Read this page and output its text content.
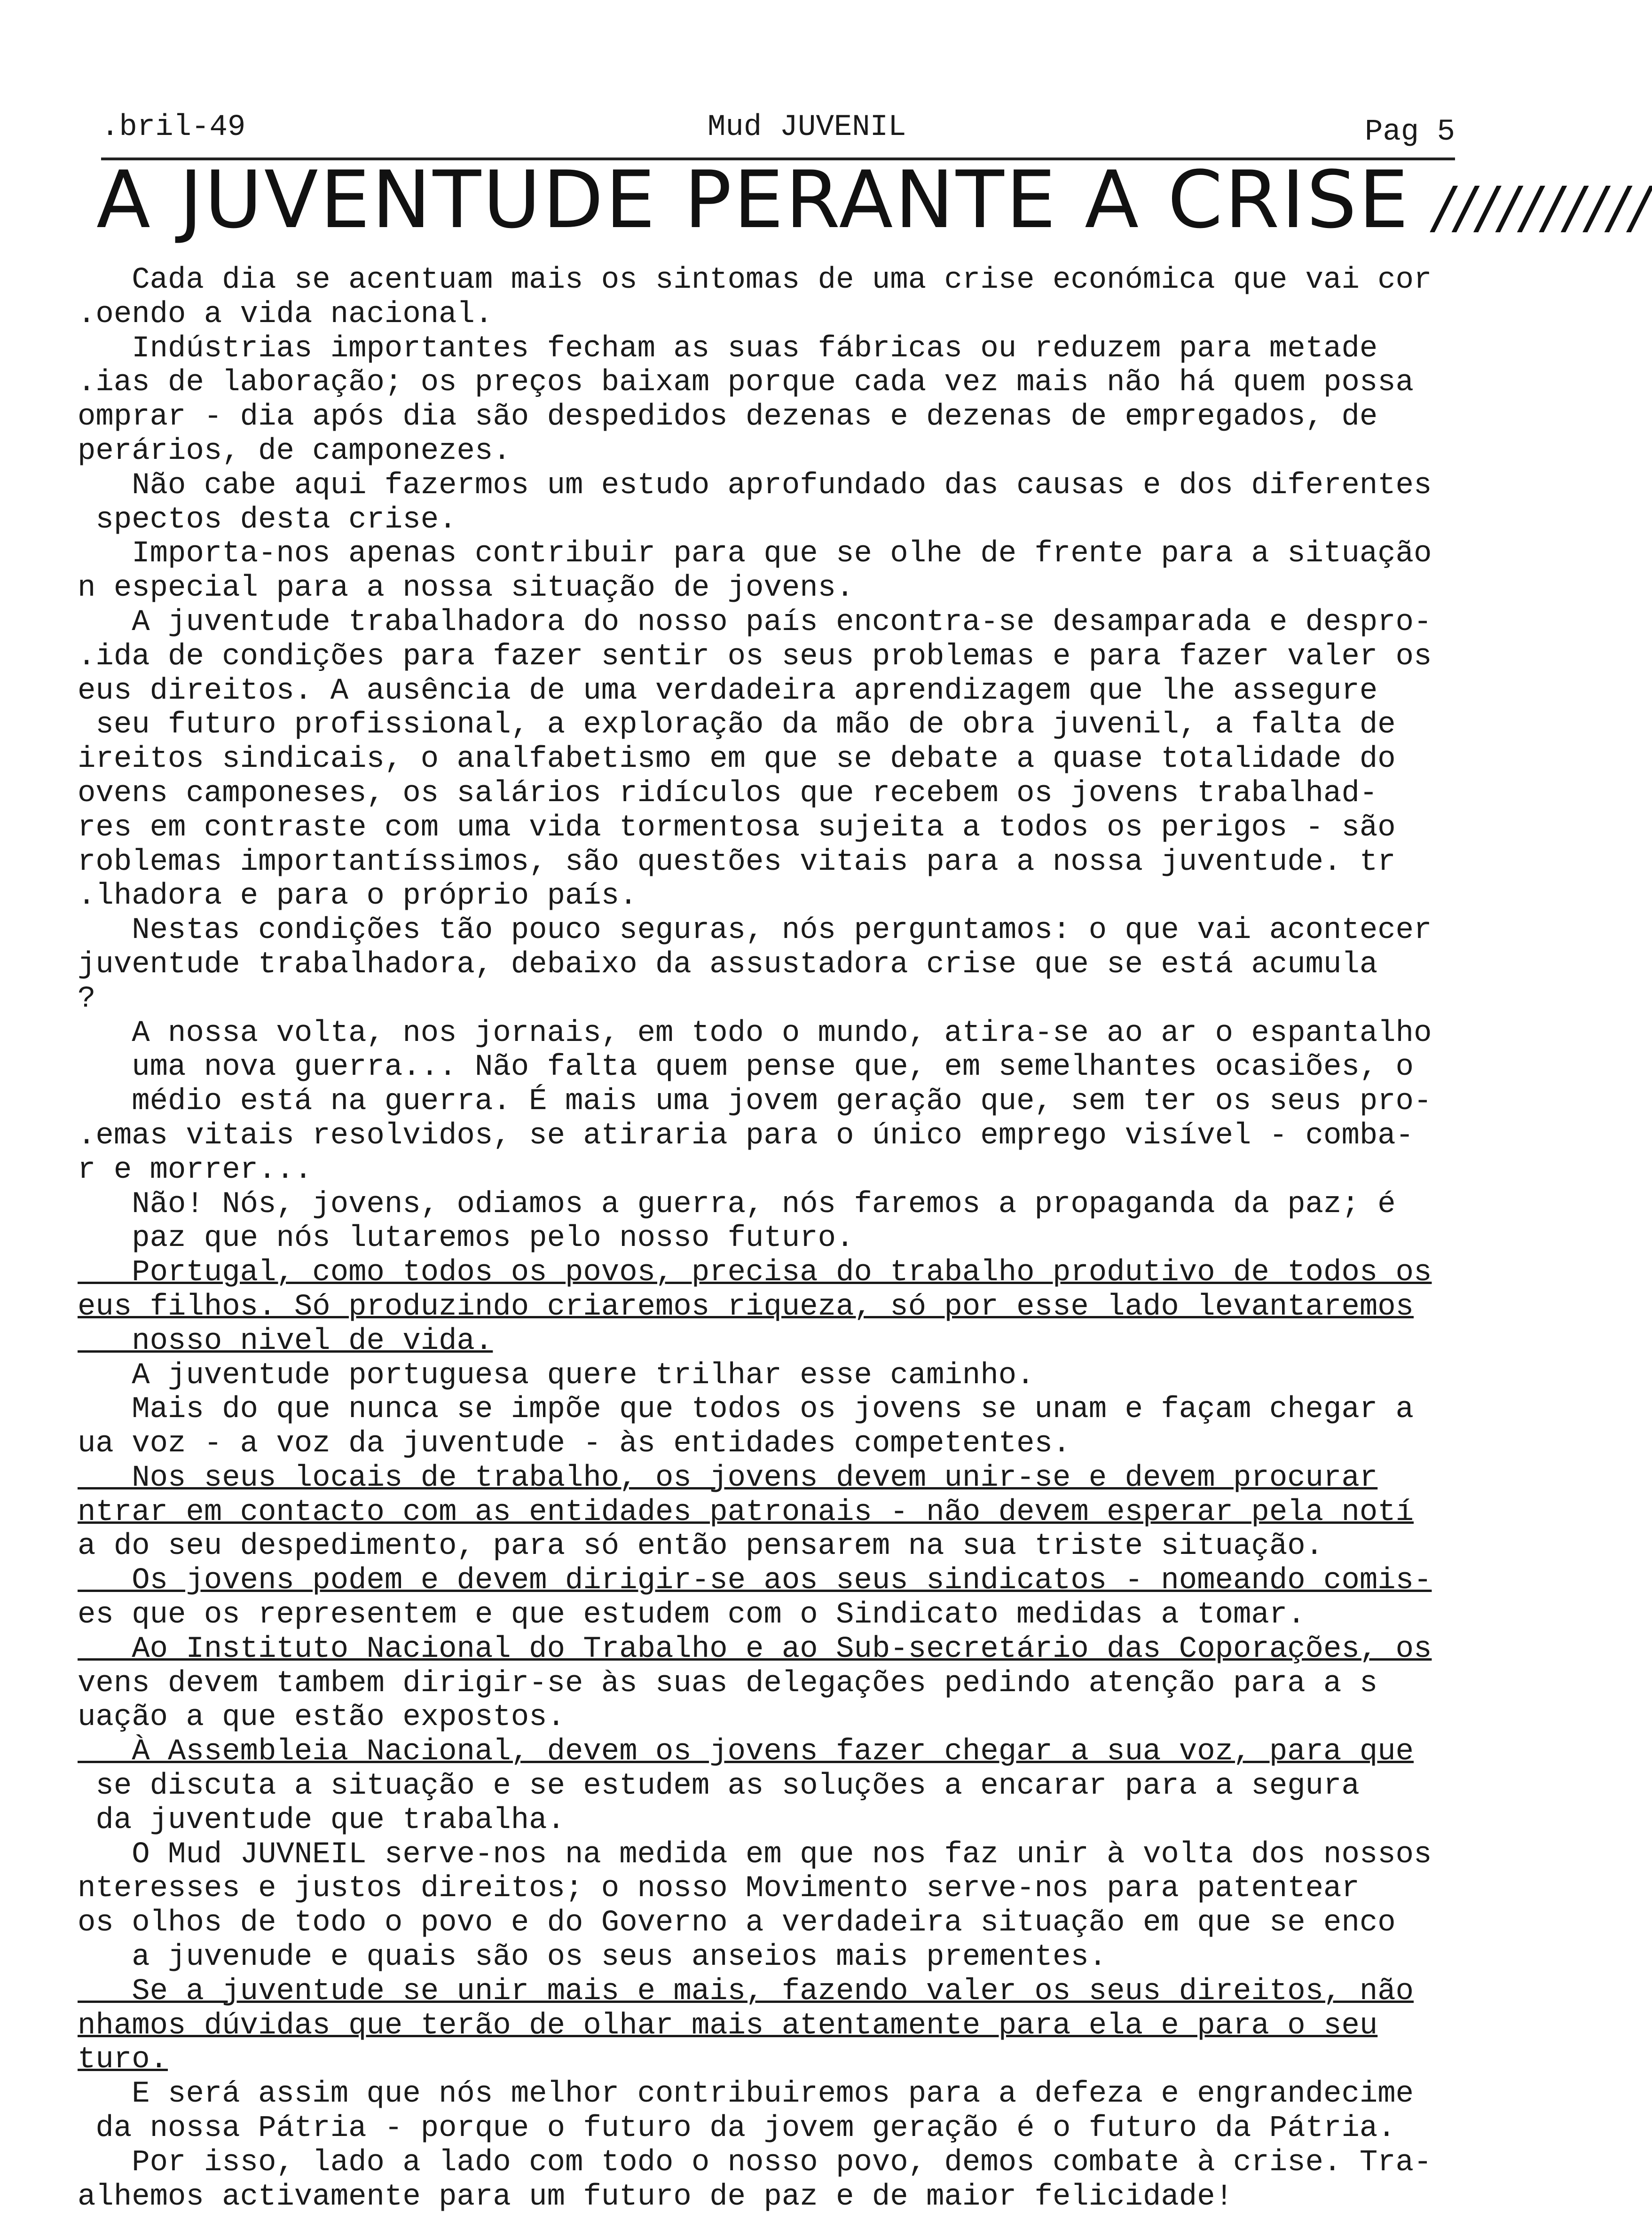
.bril-49	Mud JUVENIL	Pag 5
A JUVENTUDE PERANTE A CRISE //////////
Cada dia se acentuam mais os sintomas de uma crise económica que vai cor
.oendo a vida nacional.
Indústrias importantes fecham as suas fábricas ou reduzem para metade
.ias de laboração; os preços baixam porque cada vez mais não há quem possa
omprar - dia após dia são despedidos dezenas e dezenas de empregados, de
perários, de camponezes.
Não cabe aqui fazermos um estudo aprofundado das causas e dos diferentes
spectos desta crise.
Importa-nos apenas contribuir para que se olhe de frente para a situação
n especial para a nossa situação de jovens.
A juventude trabalhadora do nosso país encontra-se desamparada e despro-
.ida de condições para fazer sentir os seus problemas e para fazer valer os
eus direitos. A ausência de uma verdadeira aprendizagem que lhe assegure
seu futuro profissional, a exploração da mão de obra juvenil, a falta de
ireitos sindicais, o analfabetismo em que se debate a quase totalidade do
ovens camponeses, os salários ridículos que recebem os jovens trabalhad-
res em contraste com uma vida tormentosa sujeita a todos os perigos - são
roblemas importantíssimos, são questões vitais para a nossa juventude. tr
.lhadora e para o próprio país.
Nestas condições tão pouco seguras, nós perguntamos: o que vai acontecer
juventude trabalhadora, debaixo da assustadora crise que se está acumula
?
A nossa volta, nos jornais, em todo o mundo, atira-se ao ar o espantalho
uma nova guerra... Não falta quem pense que, em semelhantes ocasiões, o
médio está na guerra. É mais uma jovem geração que, sem ter os seus pro-
.emas vitais resolvidos, se atiraria para o único emprego visível - comba-
r e morrer...
Não! Nós, jovens, odiamos a guerra, nós faremos a propaganda da paz; é
paz que nós lutaremos pelo nosso futuro.
Portugal, como todos os povos, precisa do trabalho produtivo de todos os
eus filhos. Só produzindo criaremos riqueza, só por esse lado levantaremos
nosso nivel de vida.
A juventude portuguesa quere trilhar esse caminho.
Mais do que nunca se impõe que todos os jovens se unam e façam chegar a
ua voz - a voz da juventude - às entidades competentes.
Nos seus locais de trabalho, os jovens devem unir-se e devem procurar
ntrar em contacto com as entidades patronais - não devem esperar pela notí
a do seu despedimento, para só então pensarem na sua triste situação.
Os jovens podem e devem dirigir-se aos seus sindicatos - nomeando comis-
es que os representem e que estudem com o Sindicato medidas a tomar.
Ao Instituto Nacional do Trabalho e ao Sub-secretário das Coporações, os
vens devem tambem dirigir-se às suas delegações pedindo atenção para a s
uação a que estão expostos.
À Assembleia Nacional, devem os jovens fazer chegar a sua voz, para que
se discuta a situação e se estudem as soluções a encarar para a segura
da juventude que trabalha.
O Mud JUVNEIL serve-nos na medida em que nos faz unir à volta dos nossos
nteresses e justos direitos; o nosso Movimento serve-nos para patentear
os olhos de todo o povo e do Governo a verdadeira situação em que se enco
a juvenude e quais são os seus anseios mais prementes.
Se a juventude se unir mais e mais, fazendo valer os seus direitos, não
nhamos dúvidas que terão de olhar mais atentamente para ela e para o seu
turo.
E será assim que nós melhor contribuiremos para a defeza e engrandecime
da nossa Pátria - porque o futuro da jovem geração é o futuro da Pátria.
Por isso, lado a lado com todo o nosso povo, demos combate à crise. Tra-
alhemos activamente para um futuro de paz e de maior felicidade!
